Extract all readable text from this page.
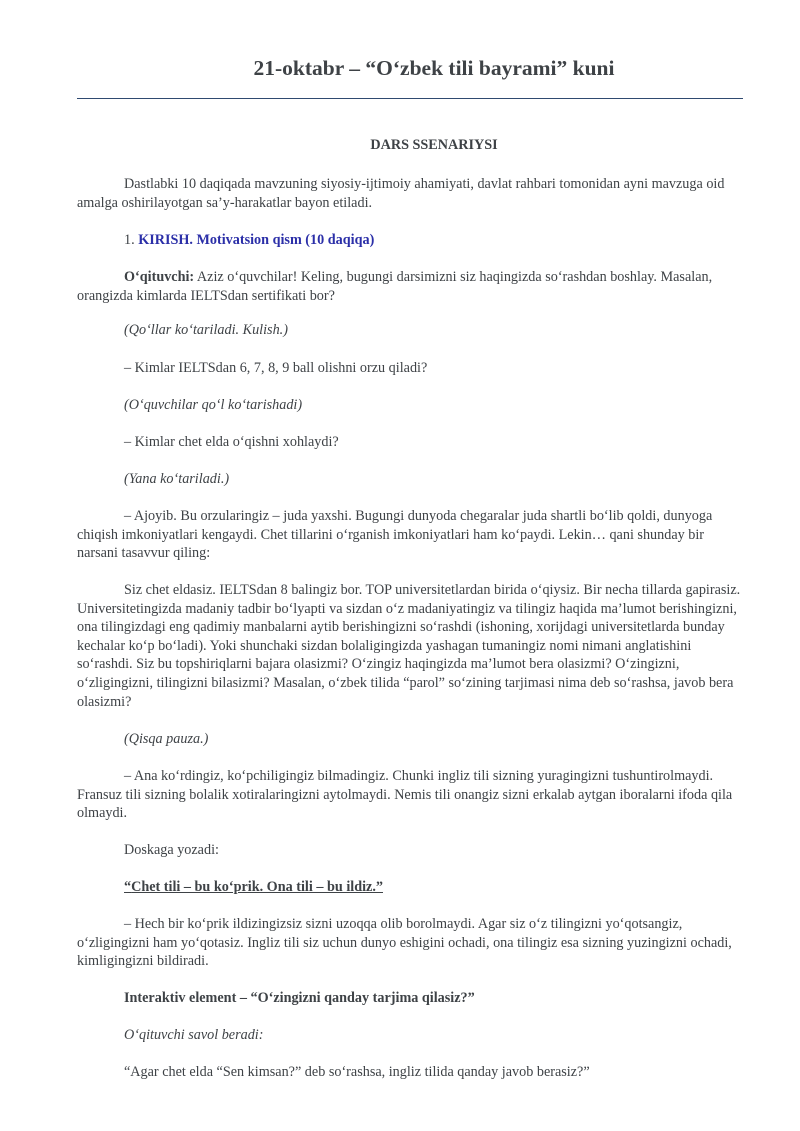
21-oktabr – “O‘zbek tili bayrami” kuni

DARS SSENARIYSI

Dastlabki 10 daqiqada mavzuning siyosiy-ijtimoiy ahamiyati, davlat rahbari tomonidan ayni mavzuga oid amalga oshirilayotgan sa’y-harakatlar bayon etiladi.

1. KIRISH. Motivatsion qism (10 daqiqa)

O‘qituvchi: Aziz o‘quvchilar! Keling, bugungi darsimizni siz haqingizda so‘rashdan boshlay. Masalan, orangizda kimlarda IELTSdan sertifikati bor?

(Qo‘llar ko‘tariladi. Kulish.)

– Kimlar IELTSdan 6, 7, 8, 9 ball olishni orzu qiladi?

(O‘quvchilar qo‘l ko‘tarishadi)

– Kimlar chet elda o‘qishni xohlaydi?

(Yana ko‘tariladi.)

– Ajoyib. Bu orzularingiz – juda yaxshi. Bugungi dunyoda chegaralar juda shartli bo‘lib qoldi, dunyoga chiqish imkoniyatlari kengaydi. Chet tillarini o‘rganish imkoniyatlari ham ko‘paydi. Lekin… qani shunday bir narsani tasavvur qiling:

Siz chet eldasiz. IELTSdan 8 balingiz bor. TOP universitetlardan birida o‘qiysiz. Bir necha tillarda gapirasiz. Universitetingizda madaniy tadbir bo‘lyapti va sizdan o‘z madaniyatingiz va tilingiz haqida ma’lumot berishingizni, ona tilingizdagi eng qadimiy manbalarni aytib berishingizni so‘rashdi (ishoning, xorijdagi universitetlarda bunday kechalar ko‘p bo‘ladi). Yoki shunchaki sizdan bolaligingizda yashagan tumaningiz nomi nimani anglatishini so‘rashdi. Siz bu topshiriqlarni bajara olasizmi? O‘zingiz haqingizda ma’lumot bera olasizmi? O‘zingizni, o‘zligingizni, tilingizni bilasizmi? Masalan, o‘zbek tilida “parol” so‘zining tarjimasi nima deb so‘rashsa, javob bera olasizmi?

(Qisqa pauza.)

– Ana ko‘rdingiz, ko‘pchiligingiz bilmadingiz. Chunki ingliz tili sizning yuragingizni tushuntirolmaydi. Fransuz tili sizning bolalik xotiralaringizni aytolmaydi. Nemis tili onangiz sizni erkalab aytgan iboralarni ifoda qila olmaydi.

Doskaga yozadi:

“Chet tili – bu ko‘prik. Ona tili – bu ildiz.”

– Hech bir ko‘prik ildizingizsiz sizni uzoqqa olib borolmaydi. Agar siz o‘z tilingizni yo‘qotsangiz, o‘zligingizni ham yo‘qotasiz. Ingliz tili siz uchun dunyo eshigini ochadi, ona tilingiz esa sizning yuzingizni ochadi, kimligingizni bildiradi.

Interaktiv element – “O‘zingizni qanday tarjima qilasiz?”

O‘qituvchi savol beradi:

“Agar chet elda “Sen kimsan?” deb so‘rashsa, ingliz tilida qanday javob berasiz?”
